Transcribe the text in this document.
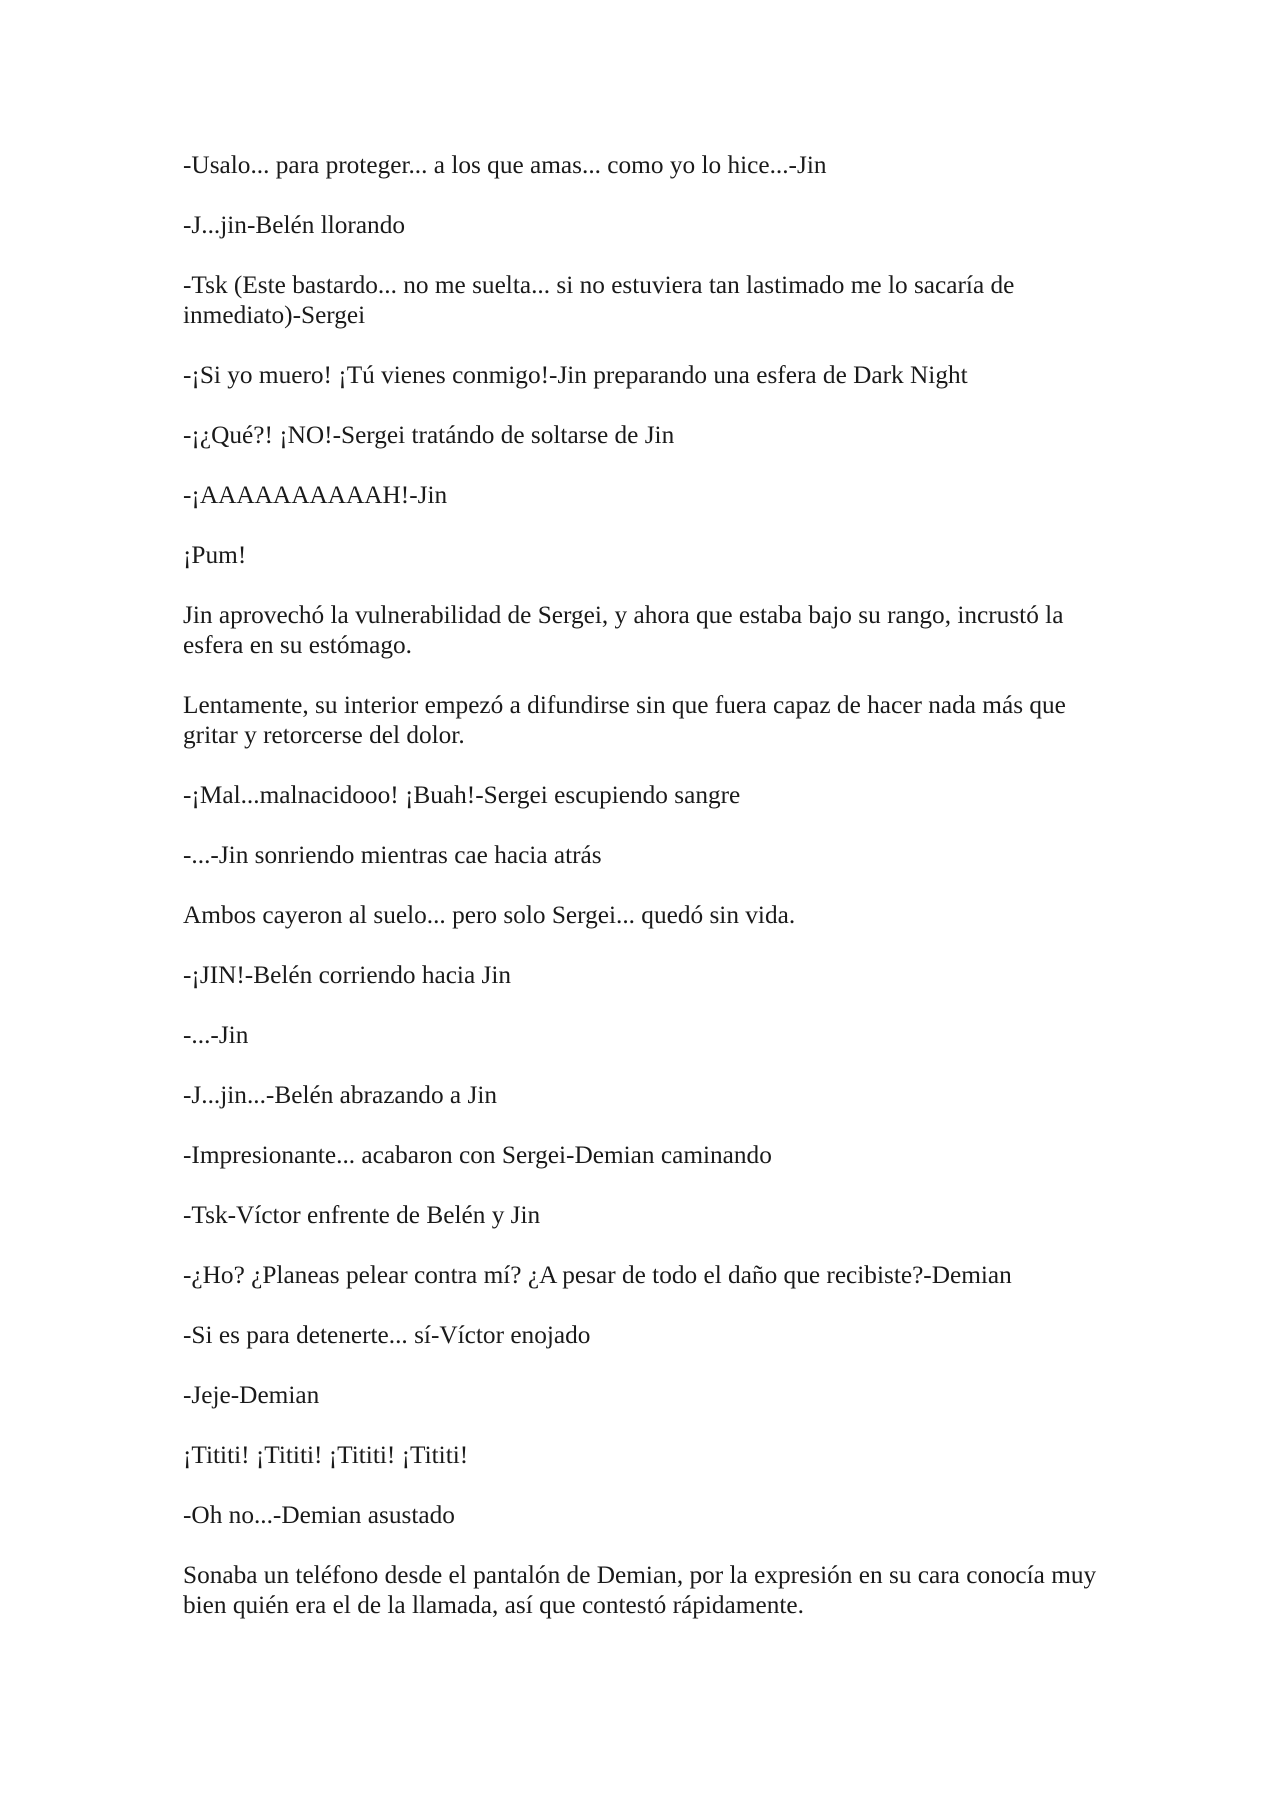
-Usalo... para proteger... a los que amas... como yo lo hice...-Jin

-J...jin-Belén llorando

-Tsk (Este bastardo... no me suelta... si no estuviera tan lastimado me lo sacaría de inmediato)-Sergei

-¡Si yo muero! ¡Tú vienes conmigo!-Jin preparando una esfera de Dark Night

-¡¿Qué?! ¡NO!-Sergei tratándo de soltarse de Jin

-¡AAAAAAAAAAH!-Jin

¡Pum!

Jin aprovechó la vulnerabilidad de Sergei, y ahora que estaba bajo su rango, incrustó la esfera en su estómago.

Lentamente, su interior empezó a difundirse sin que fuera capaz de hacer nada más que gritar y retorcerse del dolor.

-¡Mal...malnacidooo! ¡Buah!-Sergei escupiendo sangre

-...-Jin sonriendo mientras cae hacia atrás

Ambos cayeron al suelo... pero solo Sergei... quedó sin vida.

-¡JIN!-Belén corriendo hacia Jin

-...-Jin

-J...jin...-Belén abrazando a Jin

-Impresionante... acabaron con Sergei-Demian caminando

-Tsk-Víctor enfrente de Belén y Jin

-¿Ho? ¿Planeas pelear contra mí? ¿A pesar de todo el daño que recibiste?-Demian

-Si es para detenerte... sí-Víctor enojado

-Jeje-Demian

¡Tititi! ¡Tititi! ¡Tititi! ¡Tititi!

-Oh no...-Demian asustado

Sonaba un teléfono desde el pantalón de Demian, por la expresión en su cara conocía muy bien quién era el de la llamada, así que contestó rápidamente.
